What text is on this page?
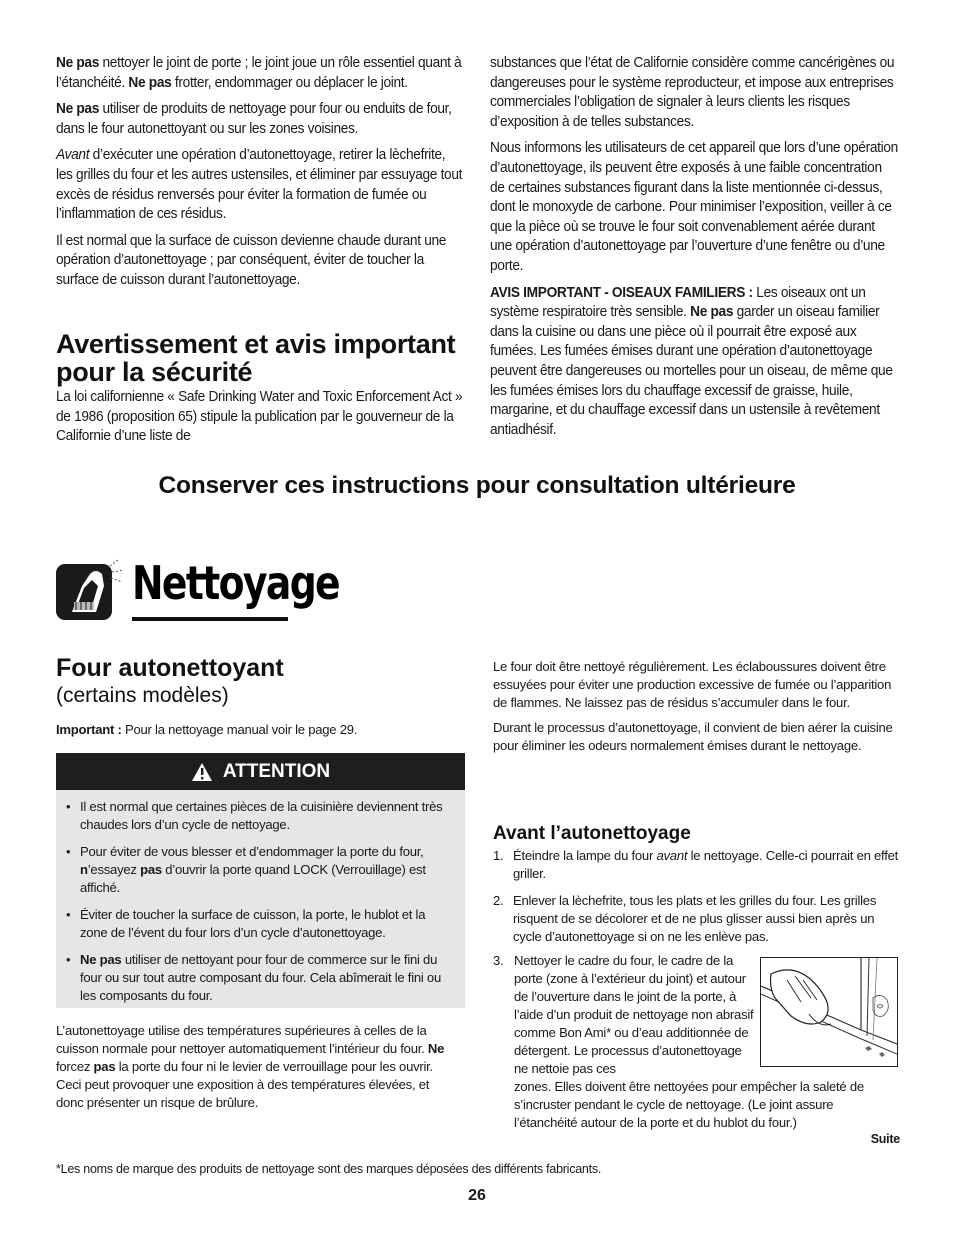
Ne pas nettoyer le joint de porte ; le joint joue un rôle essentiel quant à l’étanchéité. Ne pas frotter, endommager ou déplacer le joint.

Ne pas utiliser de produits de nettoyage pour four ou enduits de four, dans le four autonettoyant ou sur les zones voisines.

Avant d’exécuter une opération d’autonettoyage, retirer la lèchefrite, les grilles du four et les autres ustensiles, et éliminer par essuyage tout excès de résidus renversés pour éviter la formation de fumée ou l’inflammation de ces résidus.

Il est normal que la surface de cuisson devienne chaude durant une opération d’autonettoyage ; par conséquent, éviter de toucher la surface de cuisson durant l’autonettoyage.

Avertissement et avis important pour la sécurité

La loi californienne « Safe Drinking Water and Toxic Enforcement Act » de 1986 (proposition 65) stipule la publication par le gouverneur de la Californie d’une liste de

substances que l’état de Californie considère comme cancérigènes ou dangereuses pour le système reproducteur, et impose aux entreprises commerciales l’obligation de signaler à leurs clients les risques d’exposition à de telles substances.

Nous informons les utilisateurs de cet appareil que lors d’une opération d’autonettoyage, ils peuvent être exposés à une faible concentration de certaines substances figurant dans la liste mentionnée ci-dessus, dont le monoxyde de carbone. Pour minimiser l’exposition, veiller à ce que la pièce où se trouve le four soit convenablement aérée durant une opération d’autonettoyage par l’ouverture d’une fenêtre ou d’une porte.

AVIS IMPORTANT - OISEAUX FAMILIERS : Les oiseaux ont un système respiratoire très sensible. Ne pas garder un oiseau familier dans la cuisine ou dans une pièce où il pourrait être exposé aux fumées. Les fumées émises durant une opération d’autonettoyage peuvent être dangereuses ou mortelles pour un oiseau, de même que les fumées émises lors du chauffage excessif de graisse, huile, margarine, et du chauffage excessif dans un ustensile à revêtement antiadhésif.

Conserver ces instructions pour consultation ultérieure
Nettoyage
Four autonettoyant
(certains modèles)
Important : Pour la nettoyage manual voir le page 29.
ATTENTION
• Il est normal que certaines pièces de la cuisinière deviennent très chaudes lors d’un cycle de nettoyage.
• Pour éviter de vous blesser et d’endommager la porte du four, n’essayez pas d’ouvrir la porte quand LOCK (Verrouillage) est affiché.
• Éviter de toucher la surface de cuisson, la porte, le hublot et la zone de l’évent du four lors d’un cycle d’autonettoyage.
• Ne pas utiliser de nettoyant pour four de commerce sur le fini du four ou sur tout autre composant du four. Cela abîmerait le fini ou les composants du four.
L’autonettoyage utilise des températures supérieures à celles de la cuisson normale pour nettoyer automatiquement l’intérieur du four. Ne forcez pas la porte du four ni le levier de verrouillage pour les ouvrir. Ceci peut provoquer une exposition à des températures élevées, et donc présenter un risque de brûlure.

Le four doit être nettoyé régulièrement. Les éclaboussures doivent être essuyées pour éviter une production excessive de fumée ou l’apparition de flammes. Ne laissez pas de résidus s’accumuler dans le four.

Durant le processus d’autonettoyage, il convient de bien aérer la cuisine pour éliminer les odeurs normalement émises durant le nettoyage.

Avant l’autonettoyage
1. Éteindre la lampe du four avant le nettoyage. Celle-ci pourrait en effet griller.
2. Enlever la lèchefrite, tous les plats et les grilles du four. Les grilles risquent de se décolorer et de ne plus glisser aussi bien après un cycle d’autonettoyage si on ne les enlève pas.
3. Nettoyer le cadre du four, le cadre de la porte (zone à l’extérieur du joint) et autour de l’ouverture dans le joint de la porte, à l’aide d’un produit de nettoyage non abrasif comme Bon Ami* ou d’eau additionnée de détergent. Le processus d’autonettoyage ne nettoie pas ces
zones. Elles doivent être nettoyées pour empêcher la saleté de s’incruster pendant le cycle de nettoyage. (Le joint assure l’étanchéité autour de la porte et du hublot du four.)
Suite
*Les noms de marque des produits de nettoyage sont des marques déposées des différents fabricants.
26
